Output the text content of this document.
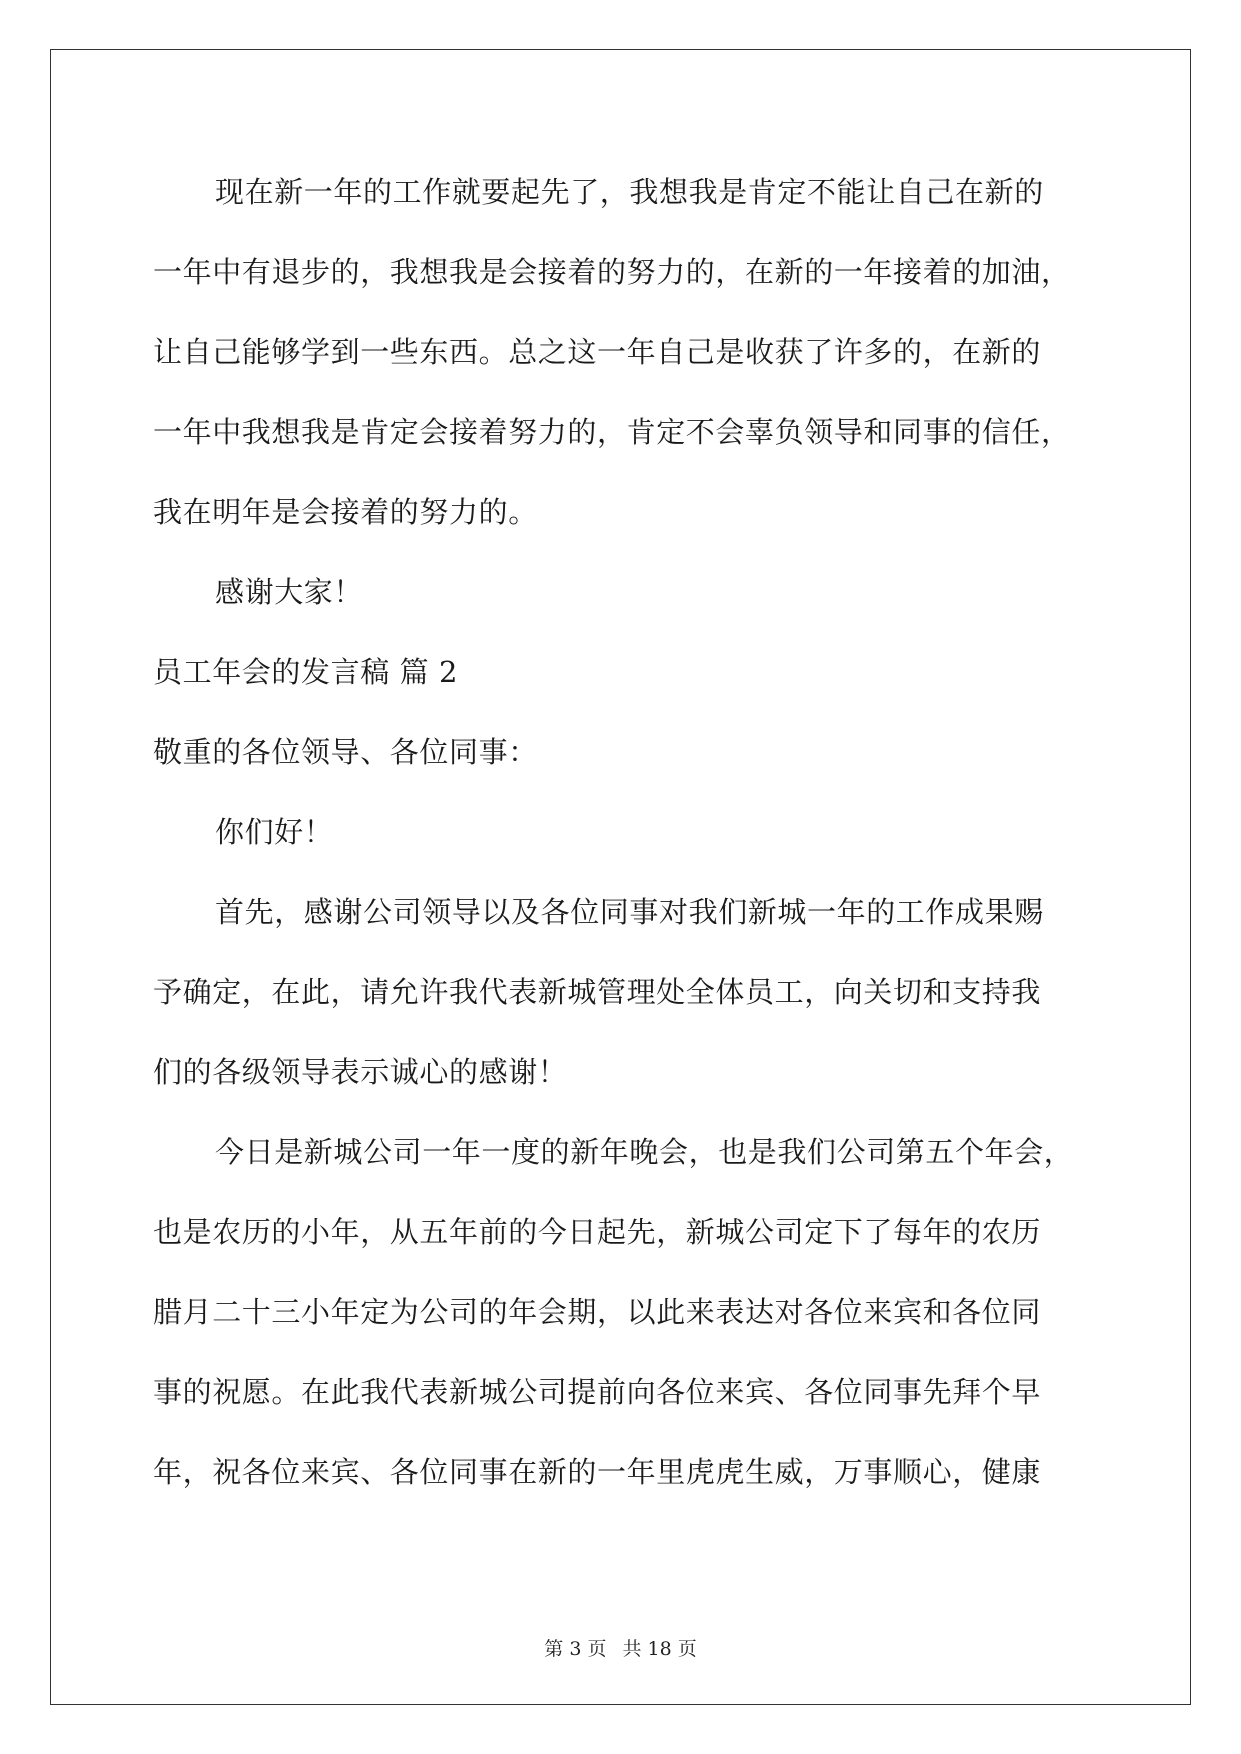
现在新一年的工作就要起先了，我想我是肯定不能让自己在新的
一年中有退步的，我想我是会接着的努力的，在新的一年接着的加油，
让自己能够学到一些东西。总之这一年自己是收获了许多的，在新的
一年中我想我是肯定会接着努力的，肯定不会辜负领导和同事的信任，
我在明年是会接着的努力的。
感谢大家！
员工年会的发言稿 篇 2
敬重的各位领导、各位同事：
你们好！
首先，感谢公司领导以及各位同事对我们新城一年的工作成果赐
予确定，在此，请允许我代表新城管理处全体员工，向关切和支持我
们的各级领导表示诚心的感谢！
今日是新城公司一年一度的新年晚会，也是我们公司第五个年会，
也是农历的小年，从五年前的今日起先，新城公司定下了每年的农历
腊月二十三小年定为公司的年会期，以此来表达对各位来宾和各位同
事的祝愿。在此我代表新城公司提前向各位来宾、各位同事先拜个早
年，祝各位来宾、各位同事在新的一年里虎虎生威，万事顺心，健康
第 3 页 共 18 页
